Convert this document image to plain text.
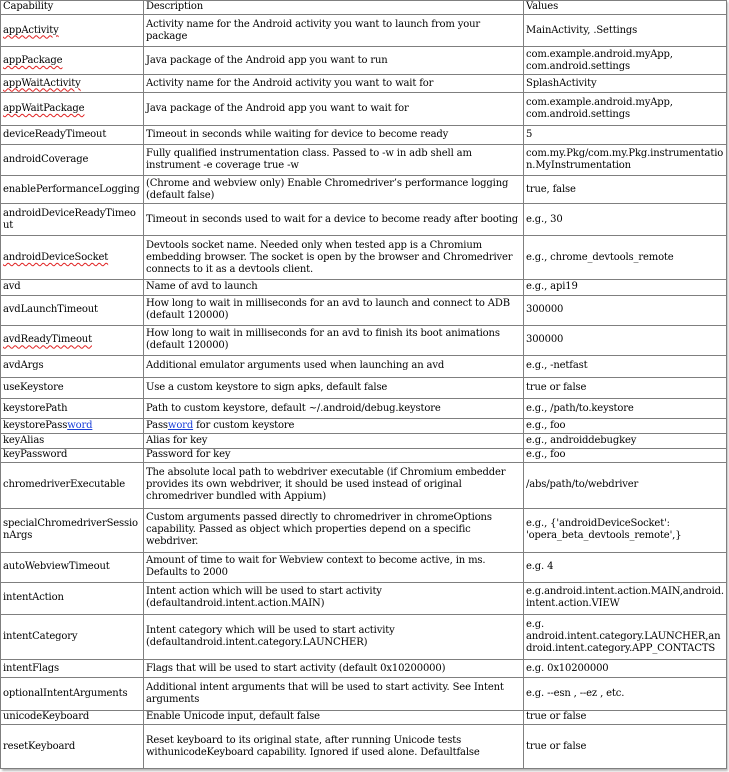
Capability	Description	Values
appActivity	Activity name for the Android activity you want to launch from your package	MainActivity, .Settings
appPackage	Java package of the Android app you want to run	com.example.android.myApp, com.android.settings
appWaitActivity	Activity name for the Android activity you want to wait for	SplashActivity
appWaitPackage	Java package of the Android app you want to wait for	com.example.android.myApp, com.android.settings
deviceReadyTimeout	Timeout in seconds while waiting for device to become ready	5
androidCoverage	Fully qualified instrumentation class. Passed to -w in adb shell am instrument -e coverage true -w	com.my.Pkg/com.my.Pkg.instrumentation.MyInstrumentation
enablePerformanceLogging	(Chrome and webview only) Enable Chromedriver’s performance logging (default false)	true, false
androidDeviceReadyTimeout	Timeout in seconds used to wait for a device to become ready after booting	e.g., 30
androidDeviceSocket	Devtools socket name. Needed only when tested app is a Chromium embedding browser. The socket is open by the browser and Chromedriver connects to it as a devtools client.	e.g., chrome_devtools_remote
avd	Name of avd to launch	e.g., api19
avdLaunchTimeout	How long to wait in milliseconds for an avd to launch and connect to ADB (default 120000)	300000
avdReadyTimeout	How long to wait in milliseconds for an avd to finish its boot animations (default 120000)	300000
avdArgs	Additional emulator arguments used when launching an avd	e.g., -netfast
useKeystore	Use a custom keystore to sign apks, default false	true or false
keystorePath	Path to custom keystore, default ~/.android/debug.keystore	e.g., /path/to.keystore
keystorePassword	Password for custom keystore	e.g., foo
keyAlias	Alias for key	e.g., androiddebugkey
keyPassword	Password for key	e.g., foo
chromedriverExecutable	The absolute local path to webdriver executable (if Chromium embedder provides its own webdriver, it should be used instead of original chromedriver bundled with Appium)	/abs/path/to/webdriver
specialChromedriverSessionArgs	Custom arguments passed directly to chromedriver in chromeOptions capability. Passed as object which properties depend on a specific webdriver.	e.g., {'androidDeviceSocket': 'opera_beta_devtools_remote',}
autoWebviewTimeout	Amount of time to wait for Webview context to become active, in ms. Defaults to 2000	e.g. 4
intentAction	Intent action which will be used to start activity (defaultandroid.intent.action.MAIN)	e.g.android.intent.action.MAIN,android.intent.action.VIEW
intentCategory	Intent category which will be used to start activity (defaultandroid.intent.category.LAUNCHER)	e.g. android.intent.category.LAUNCHER,android.intent.category.APP_CONTACTS
intentFlags	Flags that will be used to start activity (default 0x10200000)	e.g. 0x10200000
optionalIntentArguments	Additional intent arguments that will be used to start activity. See Intent arguments	e.g. --esn , --ez , etc.
unicodeKeyboard	Enable Unicode input, default false	true or false
resetKeyboard	Reset keyboard to its original state, after running Unicode tests withunicodeKeyboard capability. Ignored if used alone. Defaultfalse	true or false
